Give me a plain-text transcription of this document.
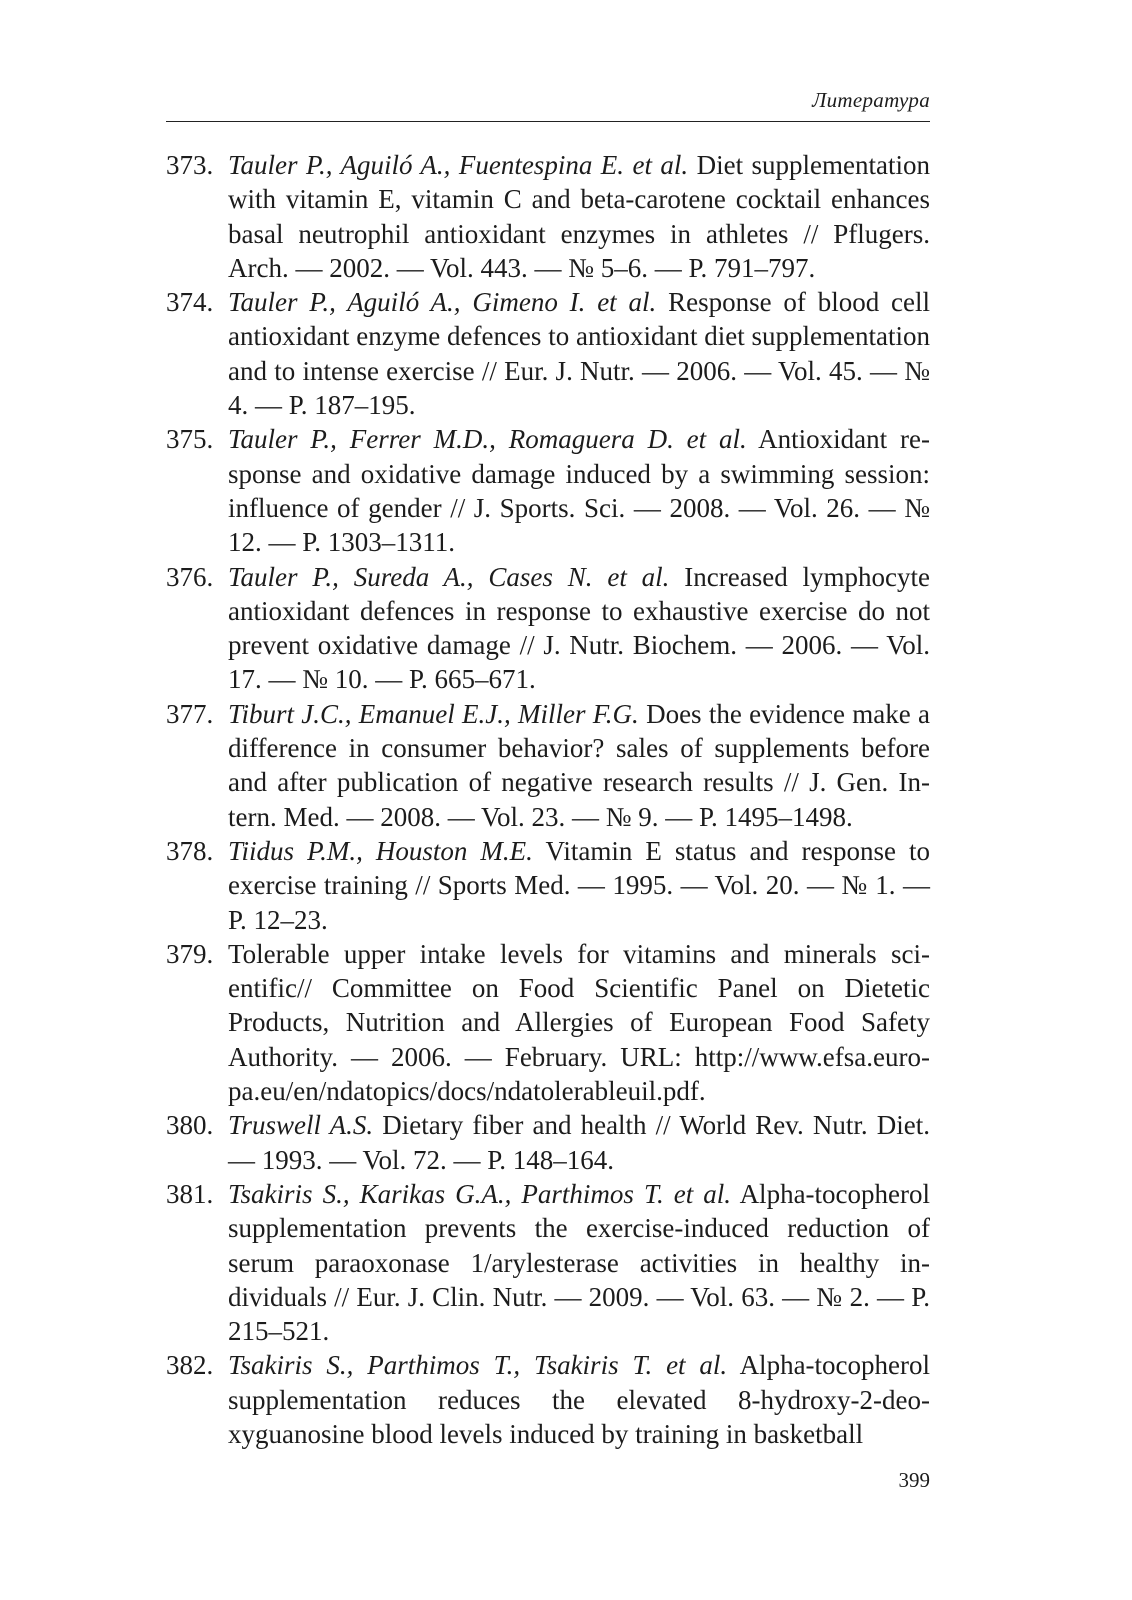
Литература
373. Tauler P., Aguiló A., Fuentespina E. et al. Diet supplementation with vitamin E, vitamin C and beta-carotene cocktail enhances basal neutrophil antioxidant enzymes in athletes // Pflugers. Arch. — 2002. — Vol. 443. — № 5–6. — P. 791–797.
374. Tauler P., Aguiló A., Gimeno I. et al. Response of blood cell antioxidant enzyme defences to antioxidant diet supplementation and to intense exercise // Eur. J. Nutr. — 2006. — Vol. 45. — № 4. — P. 187–195.
375. Tauler P., Ferrer M.D., Romaguera D. et al. Antioxidant response and oxidative damage induced by a swimming session: influence of gender // J. Sports. Sci. — 2008. — Vol. 26. — № 12. — P. 1303–1311.
376. Tauler P., Sureda A., Cases N. et al. Increased lymphocyte antioxidant defences in response to exhaustive exercise do not prevent oxidative damage // J. Nutr. Biochem. — 2006. — Vol. 17. — № 10. — P. 665–671.
377. Tiburt J.C., Emanuel E.J., Miller F.G. Does the evidence make a difference in consumer behavior? sales of supplements before and after publication of negative research results // J. Gen. Intern. Med. — 2008. — Vol. 23. — № 9. — P. 1495–1498.
378. Tiidus P.M., Houston M.E. Vitamin E status and response to exercise training // Sports Med. — 1995. — Vol. 20. — № 1. — P. 12–23.
379. Tolerable upper intake levels for vitamins and minerals scientific// Committee on Food Scientific Panel on Dietetic Products, Nutrition and Allergies of European Food Safety Authority. — 2006. — February. URL: http://www.efsa.europa.eu/en/ndatopics/docs/ndatolerableuil.pdf.
380. Truswell A.S. Dietary fiber and health // World Rev. Nutr. Diet. — 1993. — Vol. 72. — P. 148–164.
381. Tsakiris S., Karikas G.A., Parthimos T. et al. Alpha-tocopherol supplementation prevents the exercise-induced reduction of serum paraoxonase 1/arylesterase activities in healthy individuals // Eur. J. Clin. Nutr. — 2009. — Vol. 63. — № 2. — P. 215–521.
382. Tsakiris S., Parthimos T., Tsakiris T. et al. Alpha-tocopherol supplementation reduces the elevated 8-hydroxy-2-deoxyguanosine blood levels induced by training in basketball
399
